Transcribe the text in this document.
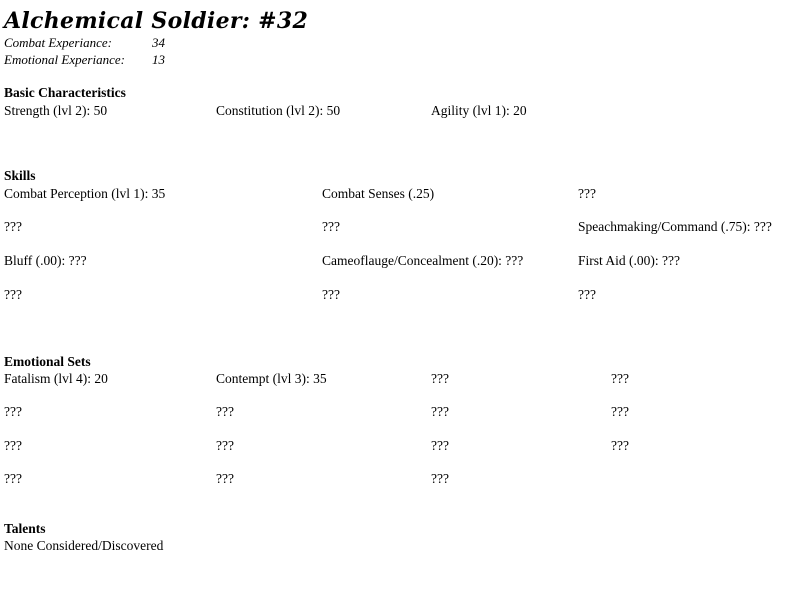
Alchemical Soldier: #32
Combat Experiance:	34
Emotional Experiance: 13
Basic Characteristics
Skills
Emotional Sets
Talents
None Considered/Discovered
Strength (lvl 2): 50	Constitution (lvl 2): 50	Agility (lvl 1): 20
Combat Perception (lvl 1): 35	Combat Senses (.25)	???
???	???	Speachmaking/Command (.75): ???
Bluff (.00): ???	Cameoflauge/Concealment (.20): ???	First Aid (.00): ???
???	???	???
Fatalism (lvl 4): 20	Contempt (lvl 3): 35	???	???
???	???	???	???
???	???	???	???
???	???	???
